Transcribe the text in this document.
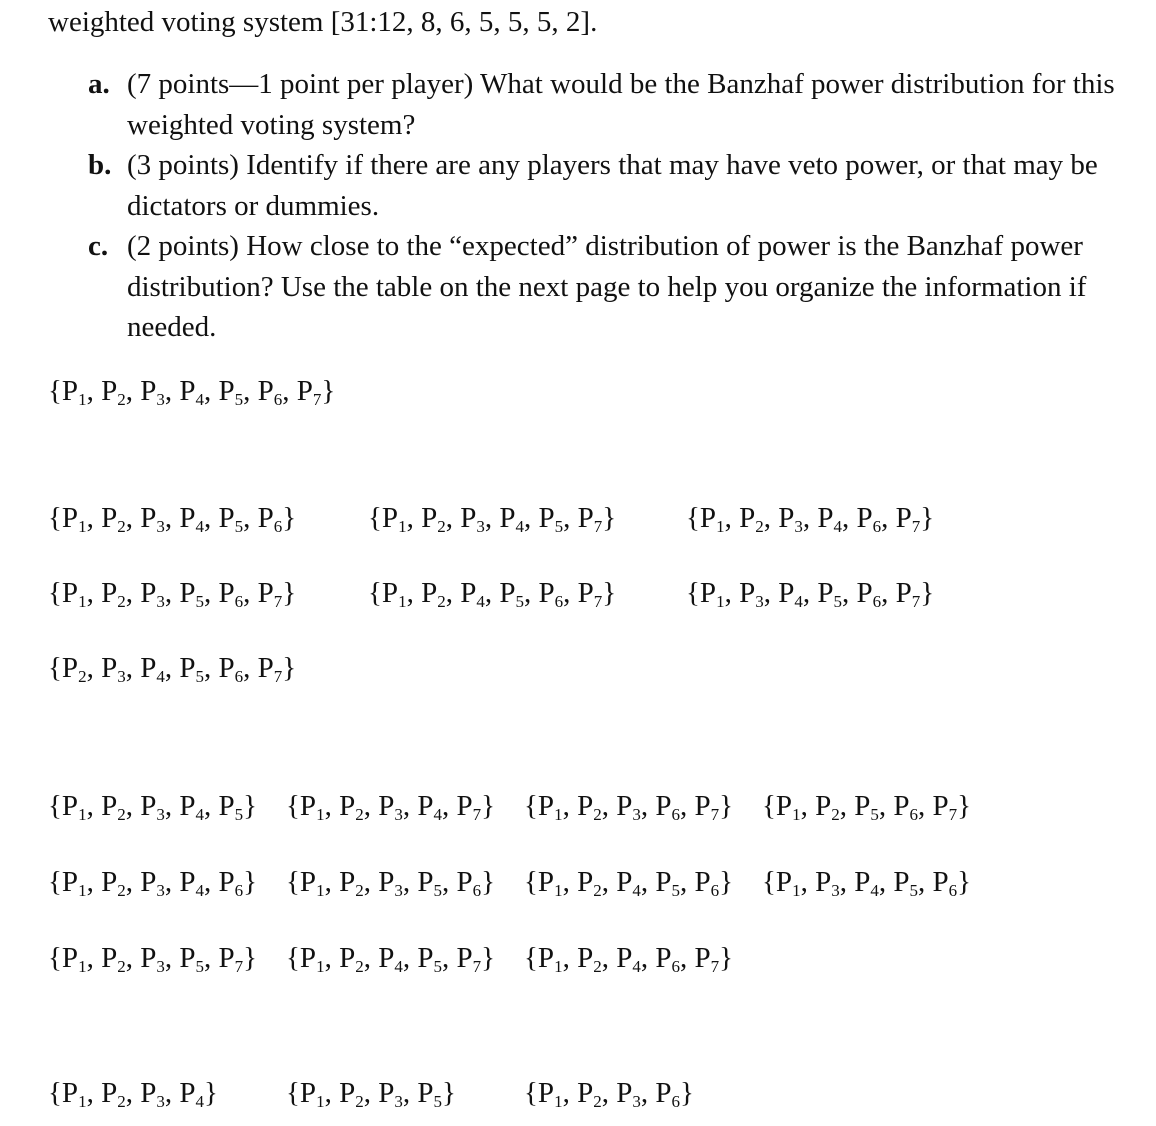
weighted voting system [31:12, 8, 6, 5, 5, 5, 2].
a. (7 points—1 point per player) What would be the Banzhaf power distribution for this weighted voting system?
b. (3 points) Identify if there are any players that may have veto power, or that may be dictators or dummies.
c. (2 points) How close to the “expected” distribution of power is the Banzhaf power distribution? Use the table on the next page to help you organize the information if needed.
{$P_1$, $P_2$, $P_3$, $P_4$, $P_5$, $P_6$, $P_7$}
{$P_1$, $P_2$, $P_3$, $P_4$, $P_5$, $P_6$} {$P_1$, $P_2$, $P_3$, $P_4$, $P_5$, $P_7$} {$P_1$, $P_2$, $P_3$, $P_4$, $P_6$, $P_7$}
{$P_1$, $P_2$, $P_3$, $P_5$, $P_6$, $P_7$} {$P_1$, $P_2$, $P_4$, $P_5$, $P_6$, $P_7$} {$P_1$, $P_3$, $P_4$, $P_5$, $P_6$, $P_7$}
{$P_2$, $P_3$, $P_4$, $P_5$, $P_6$, $P_7$}
{$P_1$, $P_2$, $P_3$, $P_4$, $P_5$} {$P_1$, $P_2$, $P_3$, $P_4$, $P_7$} {$P_1$, $P_2$, $P_3$, $P_6$, $P_7$} {$P_1$, $P_2$, $P_5$, $P_6$, $P_7$}
{$P_1$, $P_2$, $P_3$, $P_4$, $P_6$} {$P_1$, $P_2$, $P_3$, $P_5$, $P_6$} {$P_1$, $P_2$, $P_4$, $P_5$, $P_6$} {$P_1$, $P_3$, $P_4$, $P_5$, $P_6$}
{$P_1$, $P_2$, $P_3$, $P_5$, $P_7$} {$P_1$, $P_2$, $P_4$, $P_5$, $P_7$} {$P_1$, $P_2$, $P_4$, $P_6$, $P_7$}
{$P_1$, $P_2$, $P_3$, $P_4$} {$P_1$, $P_2$, $P_3$, $P_5$} {$P_1$, $P_2$, $P_3$, $P_6$}
